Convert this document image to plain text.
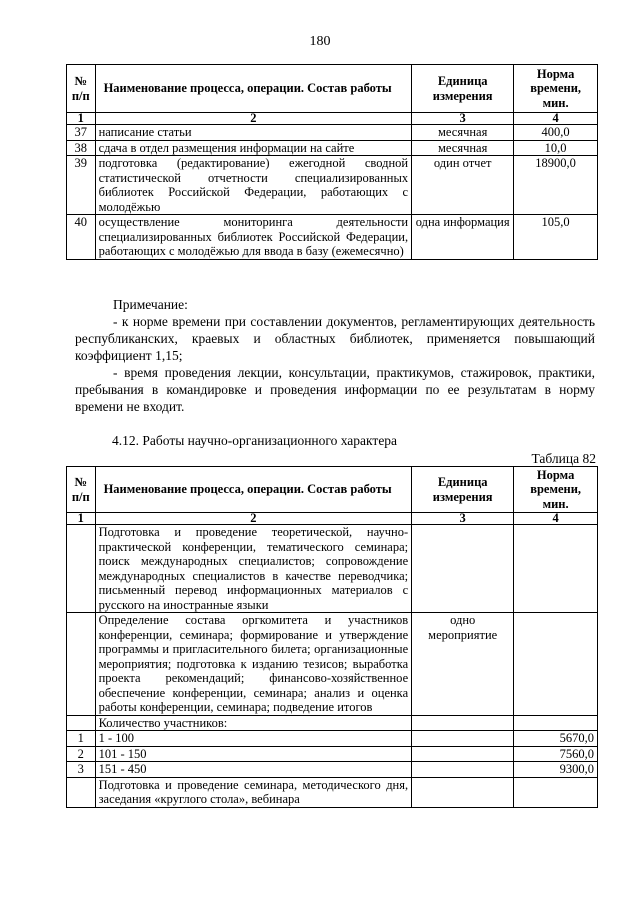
180
№ п/п	Наименование процесса, операции. Состав работы	Единица измерения	Норма времени, мин.
1	2	3	4
37	написание статьи	месячная	400,0
38	сдача в отдел размещения информации на сайте	месячная	10,0
39	подготовка (редактирование) ежегодной сводной статистической отчетности специализированных библиотек Российской Федерации, работающих с молодёжью	один отчет	18900,0
40	осуществление мониторинга деятельности специализированных библиотек Российской Федерации, работающих с молодёжью для ввода в базу (ежемесячно)	одна информация	105,0

Примечание:

- к норме времени при составлении документов, регламентирующих деятельность республиканских, краевых и областных библиотек, применяется повышающий коэффициент 1,15;

- время проведения лекции, консультации, практикумов, стажировок, практики, пребывания в командировке и проведения информации по ее результатам в норму времени не входит.

4.12. Работы научно-организационного характера
Таблица 82
№ п/п	Наименование процесса, операции. Состав работы	Единица измерения	Норма времени, мин.
1	2	3	4
	Подготовка и проведение теоретической, научно-практической конференции, тематического семинара; поиск международных специалистов; сопровождение международных специалистов в качестве переводчика; письменный перевод информационных материалов с русского на иностранные языки		
	Определение состава оргкомитета и участников конференции, семинара; формирование и утверждение программы и пригласительного билета; организационные мероприятия; подготовка к изданию тезисов; выработка проекта рекомендаций; финансово-хозяйственное обеспечение конференции, семинара; анализ и оценка работы конференции, семинара; подведение итогов	одно мероприятие	
	Количество участников:		
1	1 - 100		5670,0
2	101 - 150		7560,0
3	151 - 450		9300,0
	Подготовка и проведение семинара, методического дня, заседания «круглого стола», вебинара		
